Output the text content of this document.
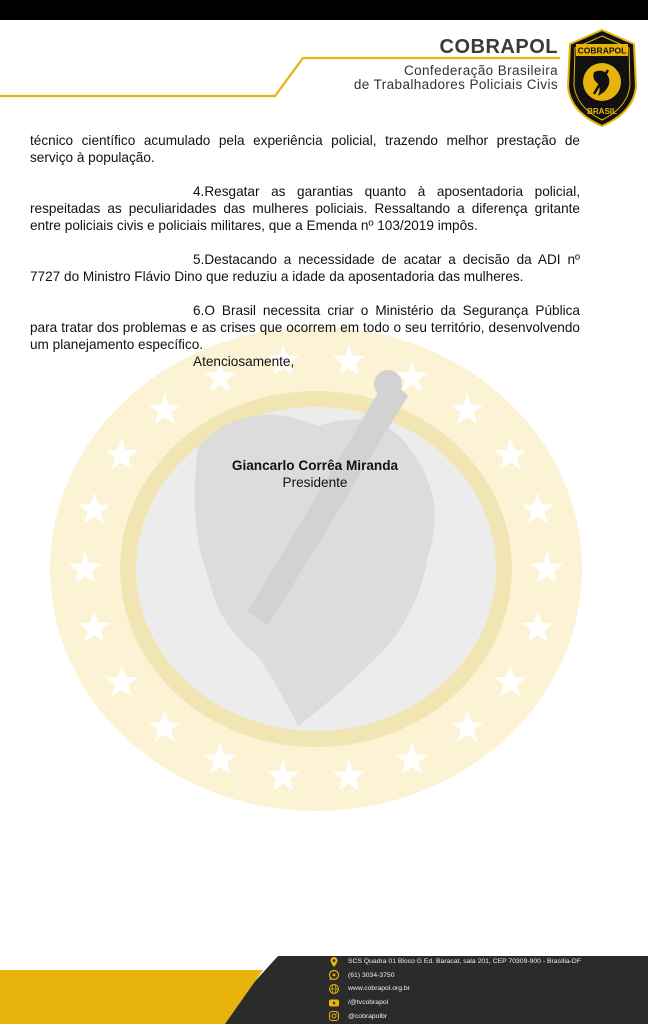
COBRAPOL
Confederação Brasileira
de Trabalhadores Policiais Civis
COBRAPOL
BRASIL

técnico científico acumulado pela experiência policial, trazendo melhor prestação de serviço à população.

4.Resgatar as garantias quanto à aposentadoria policial, respeitadas as peculiaridades das mulheres policiais. Ressaltando a diferença gritante entre policiais civis e policiais militares, que a Emenda nº 103/2019 impôs.

5.Destacando a necessidade de acatar a decisão da ADI nº 7727 do Ministro Flávio Dino que reduziu a idade da aposentadoria das mulheres.

6.O Brasil necessita criar o Ministério da Segurança Pública para tratar dos problemas e as crises que ocorrem em todo o seu território, desenvolvendo um planejamento específico.

Atenciosamente,

Giancarlo Corrêa Miranda
Presidente
SCS Quadra 01 Bloco G Ed. Baracat, sala 201, CEP 70309-900 - Brasília-DF
(61) 3034-3750
www.cobrapol.org.br
/@tvcobrapol
@cobrapolbr
